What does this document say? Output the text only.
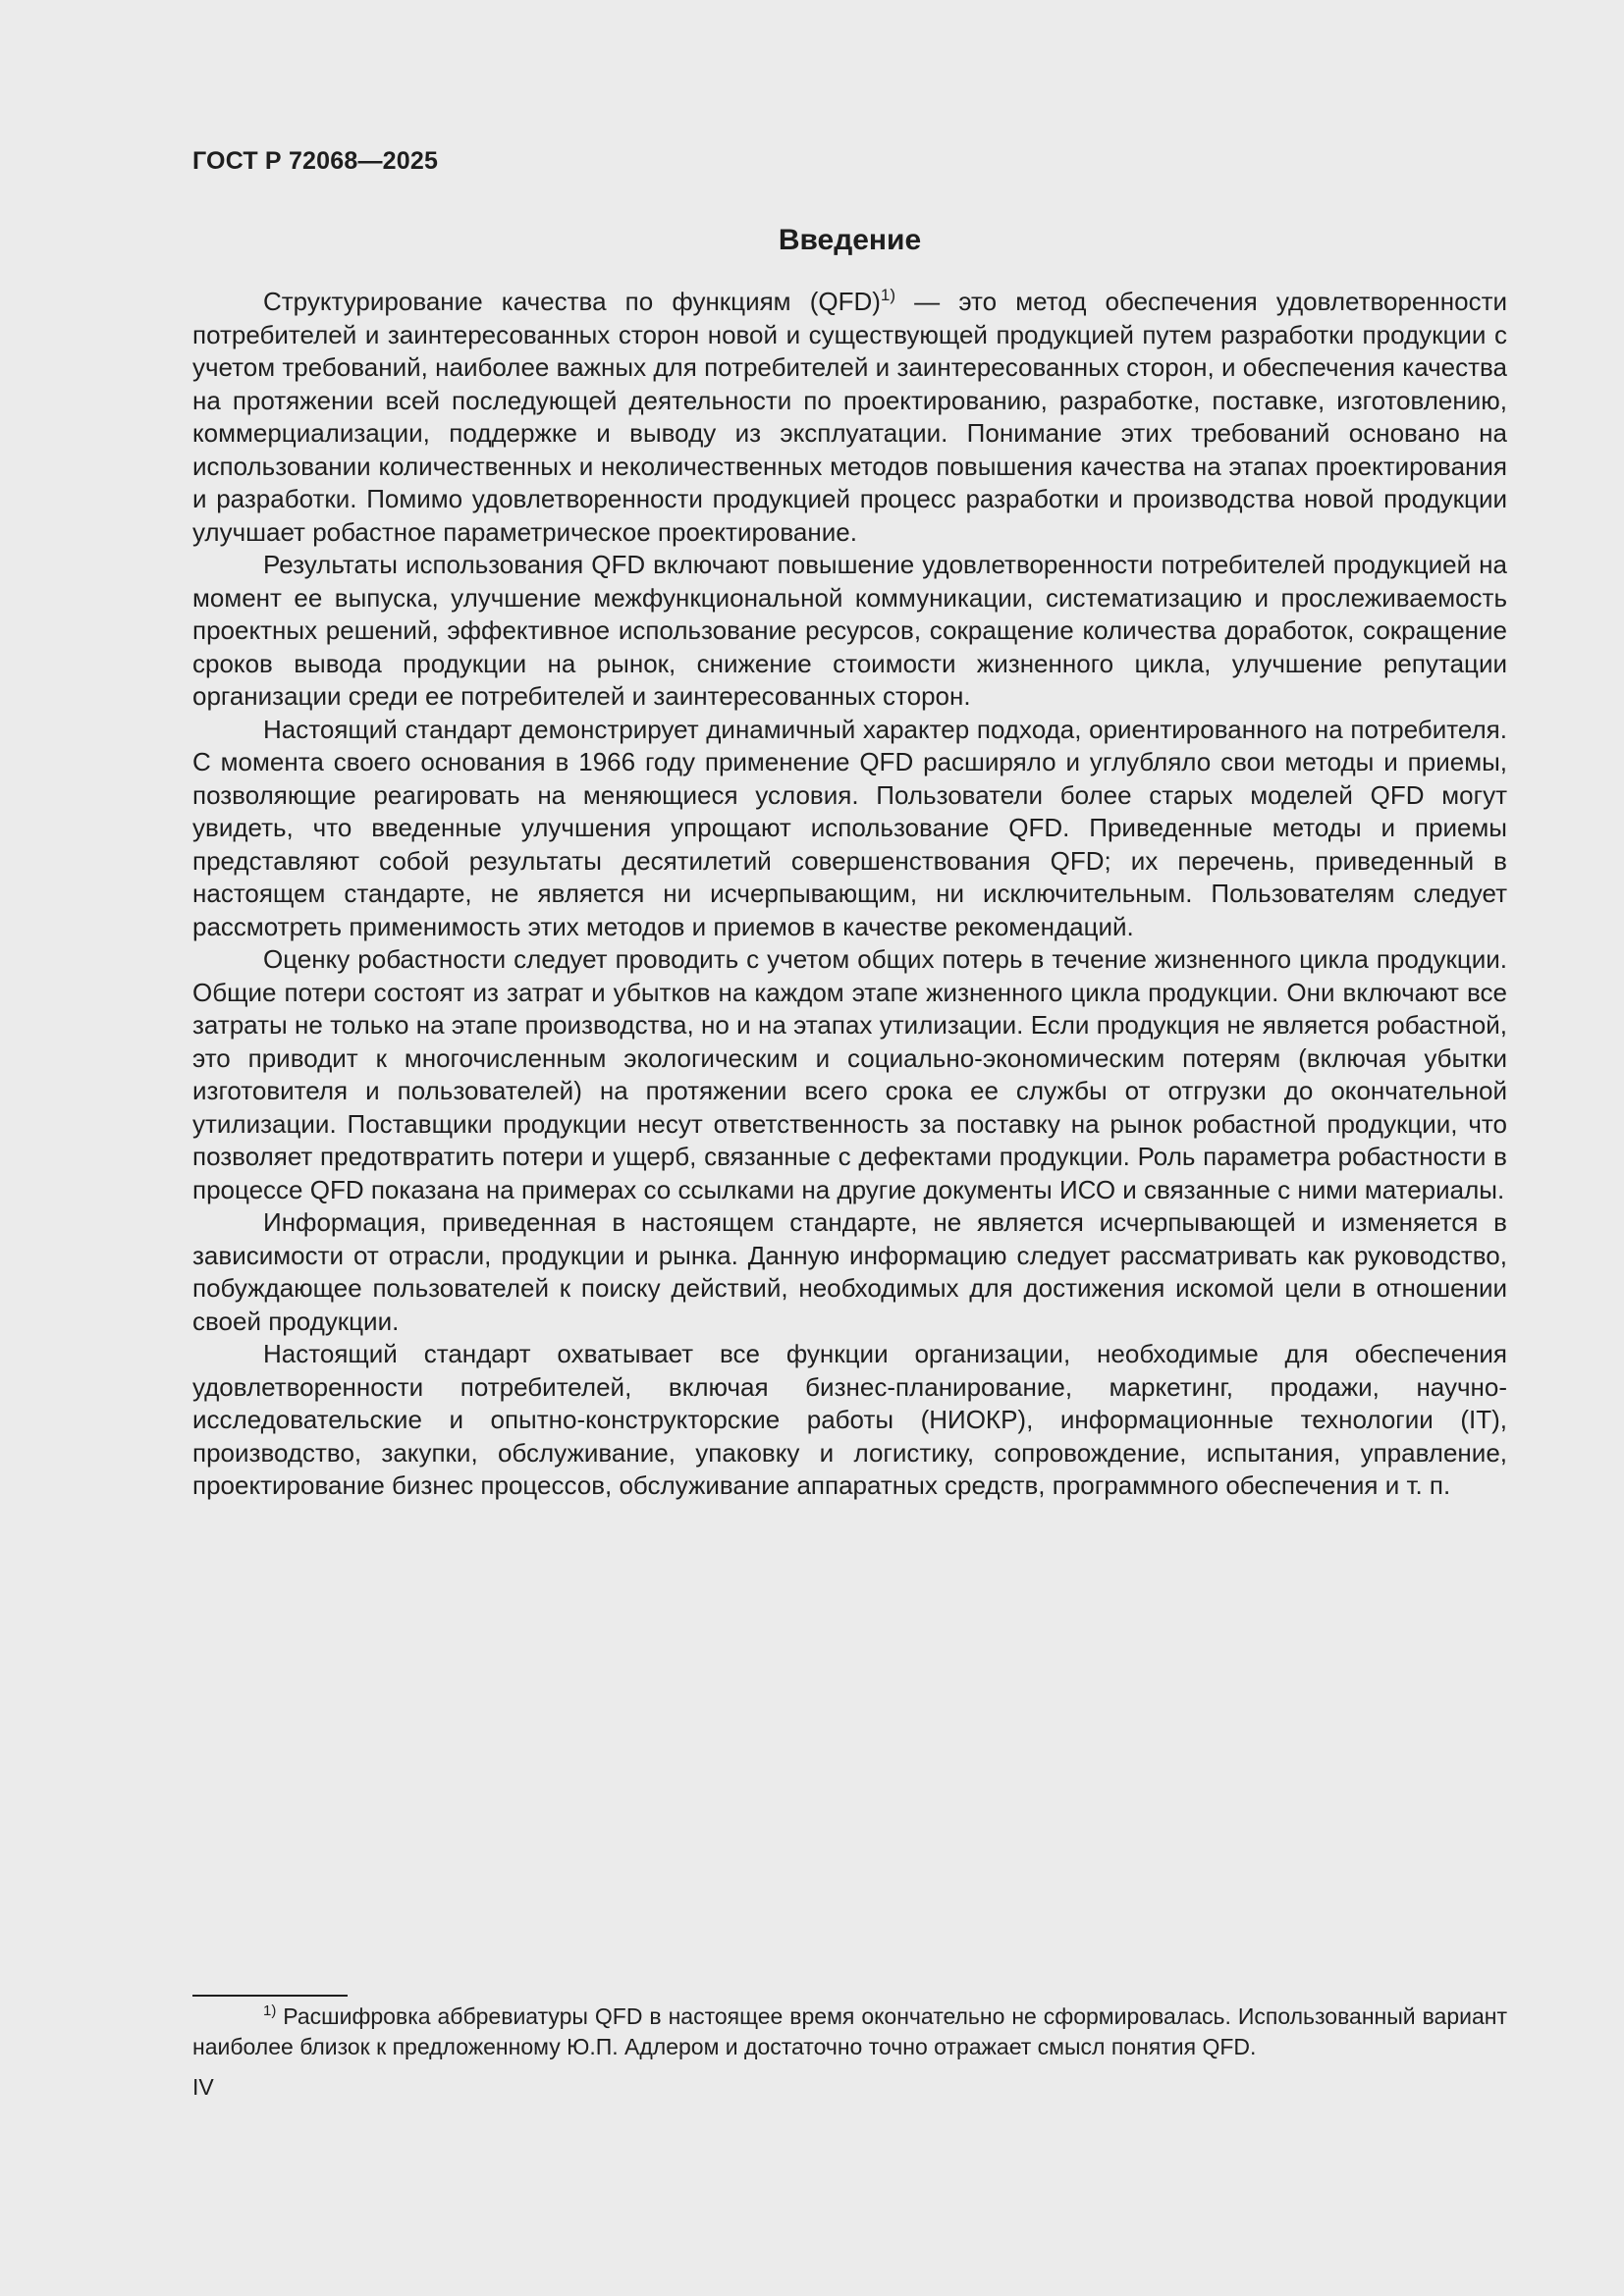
ГОСТ Р 72068—2025
Введение

Структурирование качества по функциям (QFD)$^{1)}$ — это метод обеспечения удовлетворенности потребителей и заинтересованных сторон новой и существующей продукцией путем разработки продукции с учетом требований, наиболее важных для потребителей и заинтересованных сторон, и обеспечения качества на протяжении всей последующей деятельности по проектированию, разработке, поставке, изготовлению, коммерциализации, поддержке и выводу из эксплуатации. Понимание этих требований основано на использовании количественных и неколичественных методов повышения качества на этапах проектирования и разработки. Помимо удовлетворенности продукцией процесс разработки и производства новой продукции улучшает робастное параметрическое проектирование.

Результаты использования QFD включают повышение удовлетворенности потребителей продукцией на момент ее выпуска, улучшение межфункциональной коммуникации, систематизацию и прослеживаемость проектных решений, эффективное использование ресурсов, сокращение количества доработок, сокращение сроков вывода продукции на рынок, снижение стоимости жизненного цикла, улучшение репутации организации среди ее потребителей и заинтересованных сторон.

Настоящий стандарт демонстрирует динамичный характер подхода, ориентированного на потребителя. С момента своего основания в 1966 году применение QFD расширяло и углубляло свои методы и приемы, позволяющие реагировать на меняющиеся условия. Пользователи более старых моделей QFD могут увидеть, что введенные улучшения упрощают использование QFD. Приведенные методы и приемы представляют собой результаты десятилетий совершенствования QFD; их перечень, приведенный в настоящем стандарте, не является ни исчерпывающим, ни исключительным. Пользователям следует рассмотреть применимость этих методов и приемов в качестве рекомендаций.

Оценку робастности следует проводить с учетом общих потерь в течение жизненного цикла продукции. Общие потери состоят из затрат и убытков на каждом этапе жизненного цикла продукции. Они включают все затраты не только на этапе производства, но и на этапах утилизации. Если продукция не является робастной, это приводит к многочисленным экологическим и социально-экономическим потерям (включая убытки изготовителя и пользователей) на протяжении всего срока ее службы от отгрузки до окончательной утилизации. Поставщики продукции несут ответственность за поставку на рынок робастной продукции, что позволяет предотвратить потери и ущерб, связанные с дефектами продукции. Роль параметра робастности в процессе QFD показана на примерах со ссылками на другие документы ИСО и связанные с ними материалы.

Информация, приведенная в настоящем стандарте, не является исчерпывающей и изменяется в зависимости от отрасли, продукции и рынка. Данную информацию следует рассматривать как руководство, побуждающее пользователей к поиску действий, необходимых для достижения искомой цели в отношении своей продукции.

Настоящий стандарт охватывает все функции организации, необходимые для обеспечения удовлетворенности потребителей, включая бизнес-планирование, маркетинг, продажи, научно-исследовательские и опытно-конструкторские работы (НИОКР), информационные технологии (IT), производство, закупки, обслуживание, упаковку и логистику, сопровождение, испытания, управление, проектирование бизнес процессов, обслуживание аппаратных средств, программного обеспечения и т. п.

$^{1)}$ Расшифровка аббревиатуры QFD в настоящее время окончательно не сформировалась. Использованный вариант наиболее близок к предложенному Ю.П. Адлером и достаточно точно отражает смысл понятия QFD.

IV
